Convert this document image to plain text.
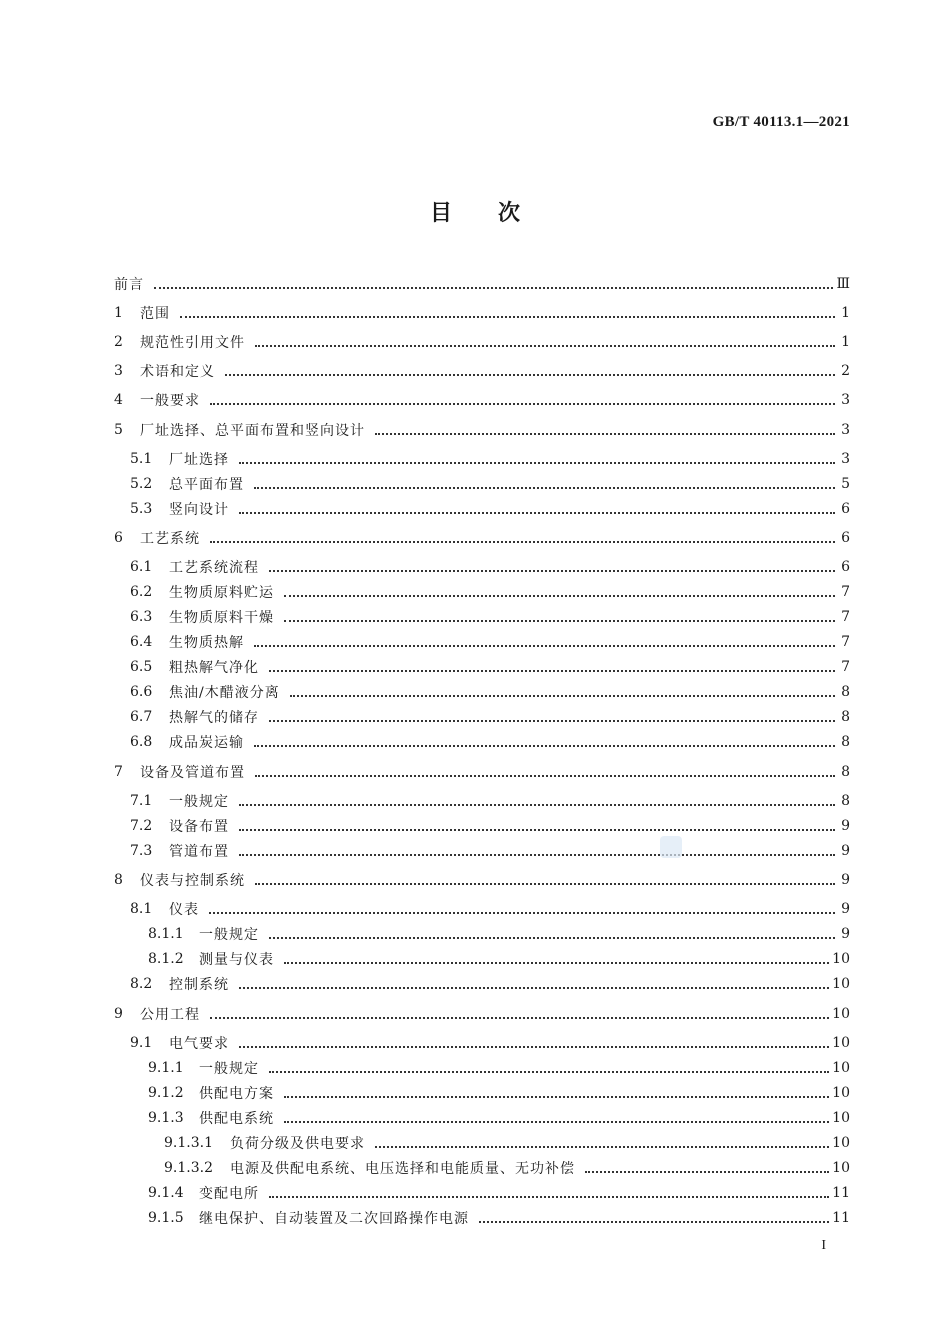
GB/T 40113.1—2021
目次
前言	Ⅲ
1	范围	1
2	规范性引用文件	1
3	术语和定义	2
4	一般要求	3
5	厂址选择、总平面布置和竖向设计	3
5.1	厂址选择	3
5.2	总平面布置	5
5.3	竖向设计	6
6	工艺系统	6
6.1	工艺系统流程	6
6.2	生物质原料贮运	7
6.3	生物质原料干燥	7
6.4	生物质热解	7
6.5	粗热解气净化	7
6.6	焦油/木醋液分离	8
6.7	热解气的储存	8
6.8	成品炭运输	8
7	设备及管道布置	8
7.1	一般规定	8
7.2	设备布置	9
7.3	管道布置	9
8	仪表与控制系统	9
8.1	仪表	9
8.1.1	一般规定	9
8.1.2	测量与仪表	10
8.2	控制系统	10
9	公用工程	10
9.1	电气要求	10
9.1.1	一般规定	10
9.1.2	供配电方案	10
9.1.3	供配电系统	10
9.1.3.1	负荷分级及供电要求	10
9.1.3.2	电源及供配电系统、电压选择和电能质量、无功补偿	10
9.1.4	变配电所	11
9.1.5	继电保护、自动装置及二次回路操作电源	11
I
